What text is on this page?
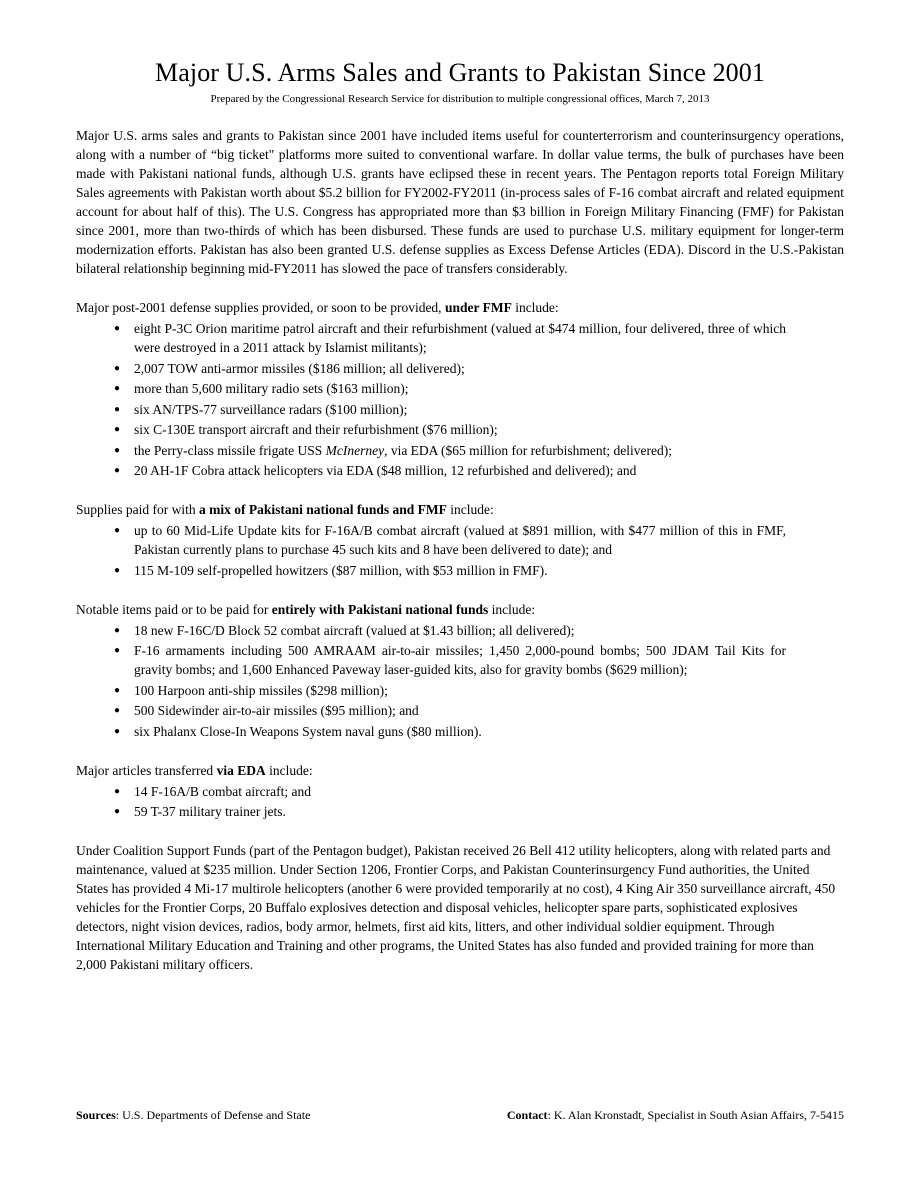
Major U.S. Arms Sales and Grants to Pakistan Since 2001

Prepared by the Congressional Research Service for distribution to multiple congressional offices, March 7, 2013

Major U.S. arms sales and grants to Pakistan since 2001 have included items useful for counterterrorism and counterinsurgency operations, along with a number of “big ticket" platforms more suited to conventional warfare. In dollar value terms, the bulk of purchases have been made with Pakistani national funds, although U.S. grants have eclipsed these in recent years. The Pentagon reports total Foreign Military Sales agreements with Pakistan worth about $5.2 billion for FY2002-FY2011 (in-process sales of F-16 combat aircraft and related equipment account for about half of this). The U.S. Congress has appropriated more than $3 billion in Foreign Military Financing (FMF) for Pakistan since 2001, more than two-thirds of which has been disbursed. These funds are used to purchase U.S. military equipment for longer-term modernization efforts. Pakistan has also been granted U.S. defense supplies as Excess Defense Articles (EDA). Discord in the U.S.-Pakistan bilateral relationship beginning mid-FY2011 has slowed the pace of transfers considerably.

Major post-2001 defense supplies provided, or soon to be provided, under FMF include:

● eight P-3C Orion maritime patrol aircraft and their refurbishment (valued at $474 million, four delivered, three of which were destroyed in a 2011 attack by Islamist militants);
● 2,007 TOW anti-armor missiles ($186 million; all delivered);
● more than 5,600 military radio sets ($163 million);
● six AN/TPS-77 surveillance radars ($100 million);
● six C-130E transport aircraft and their refurbishment ($76 million);
● the Perry-class missile frigate USS McInerney, via EDA ($65 million for refurbishment; delivered);
● 20 AH-1F Cobra attack helicopters via EDA ($48 million, 12 refurbished and delivered); and

Supplies paid for with a mix of Pakistani national funds and FMF include:

● up to 60 Mid-Life Update kits for F-16A/B combat aircraft (valued at $891 million, with $477 million of this in FMF, Pakistan currently plans to purchase 45 such kits and 8 have been delivered to date); and
● 115 M-109 self-propelled howitzers ($87 million, with $53 million in FMF).

Notable items paid or to be paid for entirely with Pakistani national funds include:

● 18 new F-16C/D Block 52 combat aircraft (valued at $1.43 billion; all delivered);
● F-16 armaments including 500 AMRAAM air-to-air missiles; 1,450 2,000-pound bombs; 500 JDAM Tail Kits for gravity bombs; and 1,600 Enhanced Paveway laser-guided kits, also for gravity bombs ($629 million);
● 100 Harpoon anti-ship missiles ($298 million);
● 500 Sidewinder air-to-air missiles ($95 million); and
● six Phalanx Close-In Weapons System naval guns ($80 million).

Major articles transferred via EDA include:

● 14 F-16A/B combat aircraft; and
● 59 T-37 military trainer jets.

Under Coalition Support Funds (part of the Pentagon budget), Pakistan received 26 Bell 412 utility helicopters, along with related parts and maintenance, valued at $235 million. Under Section 1206, Frontier Corps, and Pakistan Counterinsurgency Fund authorities, the United States has provided 4 Mi-17 multirole helicopters (another 6 were provided temporarily at no cost), 4 King Air 350 surveillance aircraft, 450 vehicles for the Frontier Corps, 20 Buffalo explosives detection and disposal vehicles, helicopter spare parts, sophisticated explosives detectors, night vision devices, radios, body armor, helmets, first aid kits, litters, and other individual soldier equipment. Through International Military Education and Training and other programs, the United States has also funded and provided training for more than 2,000 Pakistani military officers.

Sources: U.S. Departments of Defense and State	Contact: K. Alan Kronstadt, Specialist in South Asian Affairs, 7-5415
